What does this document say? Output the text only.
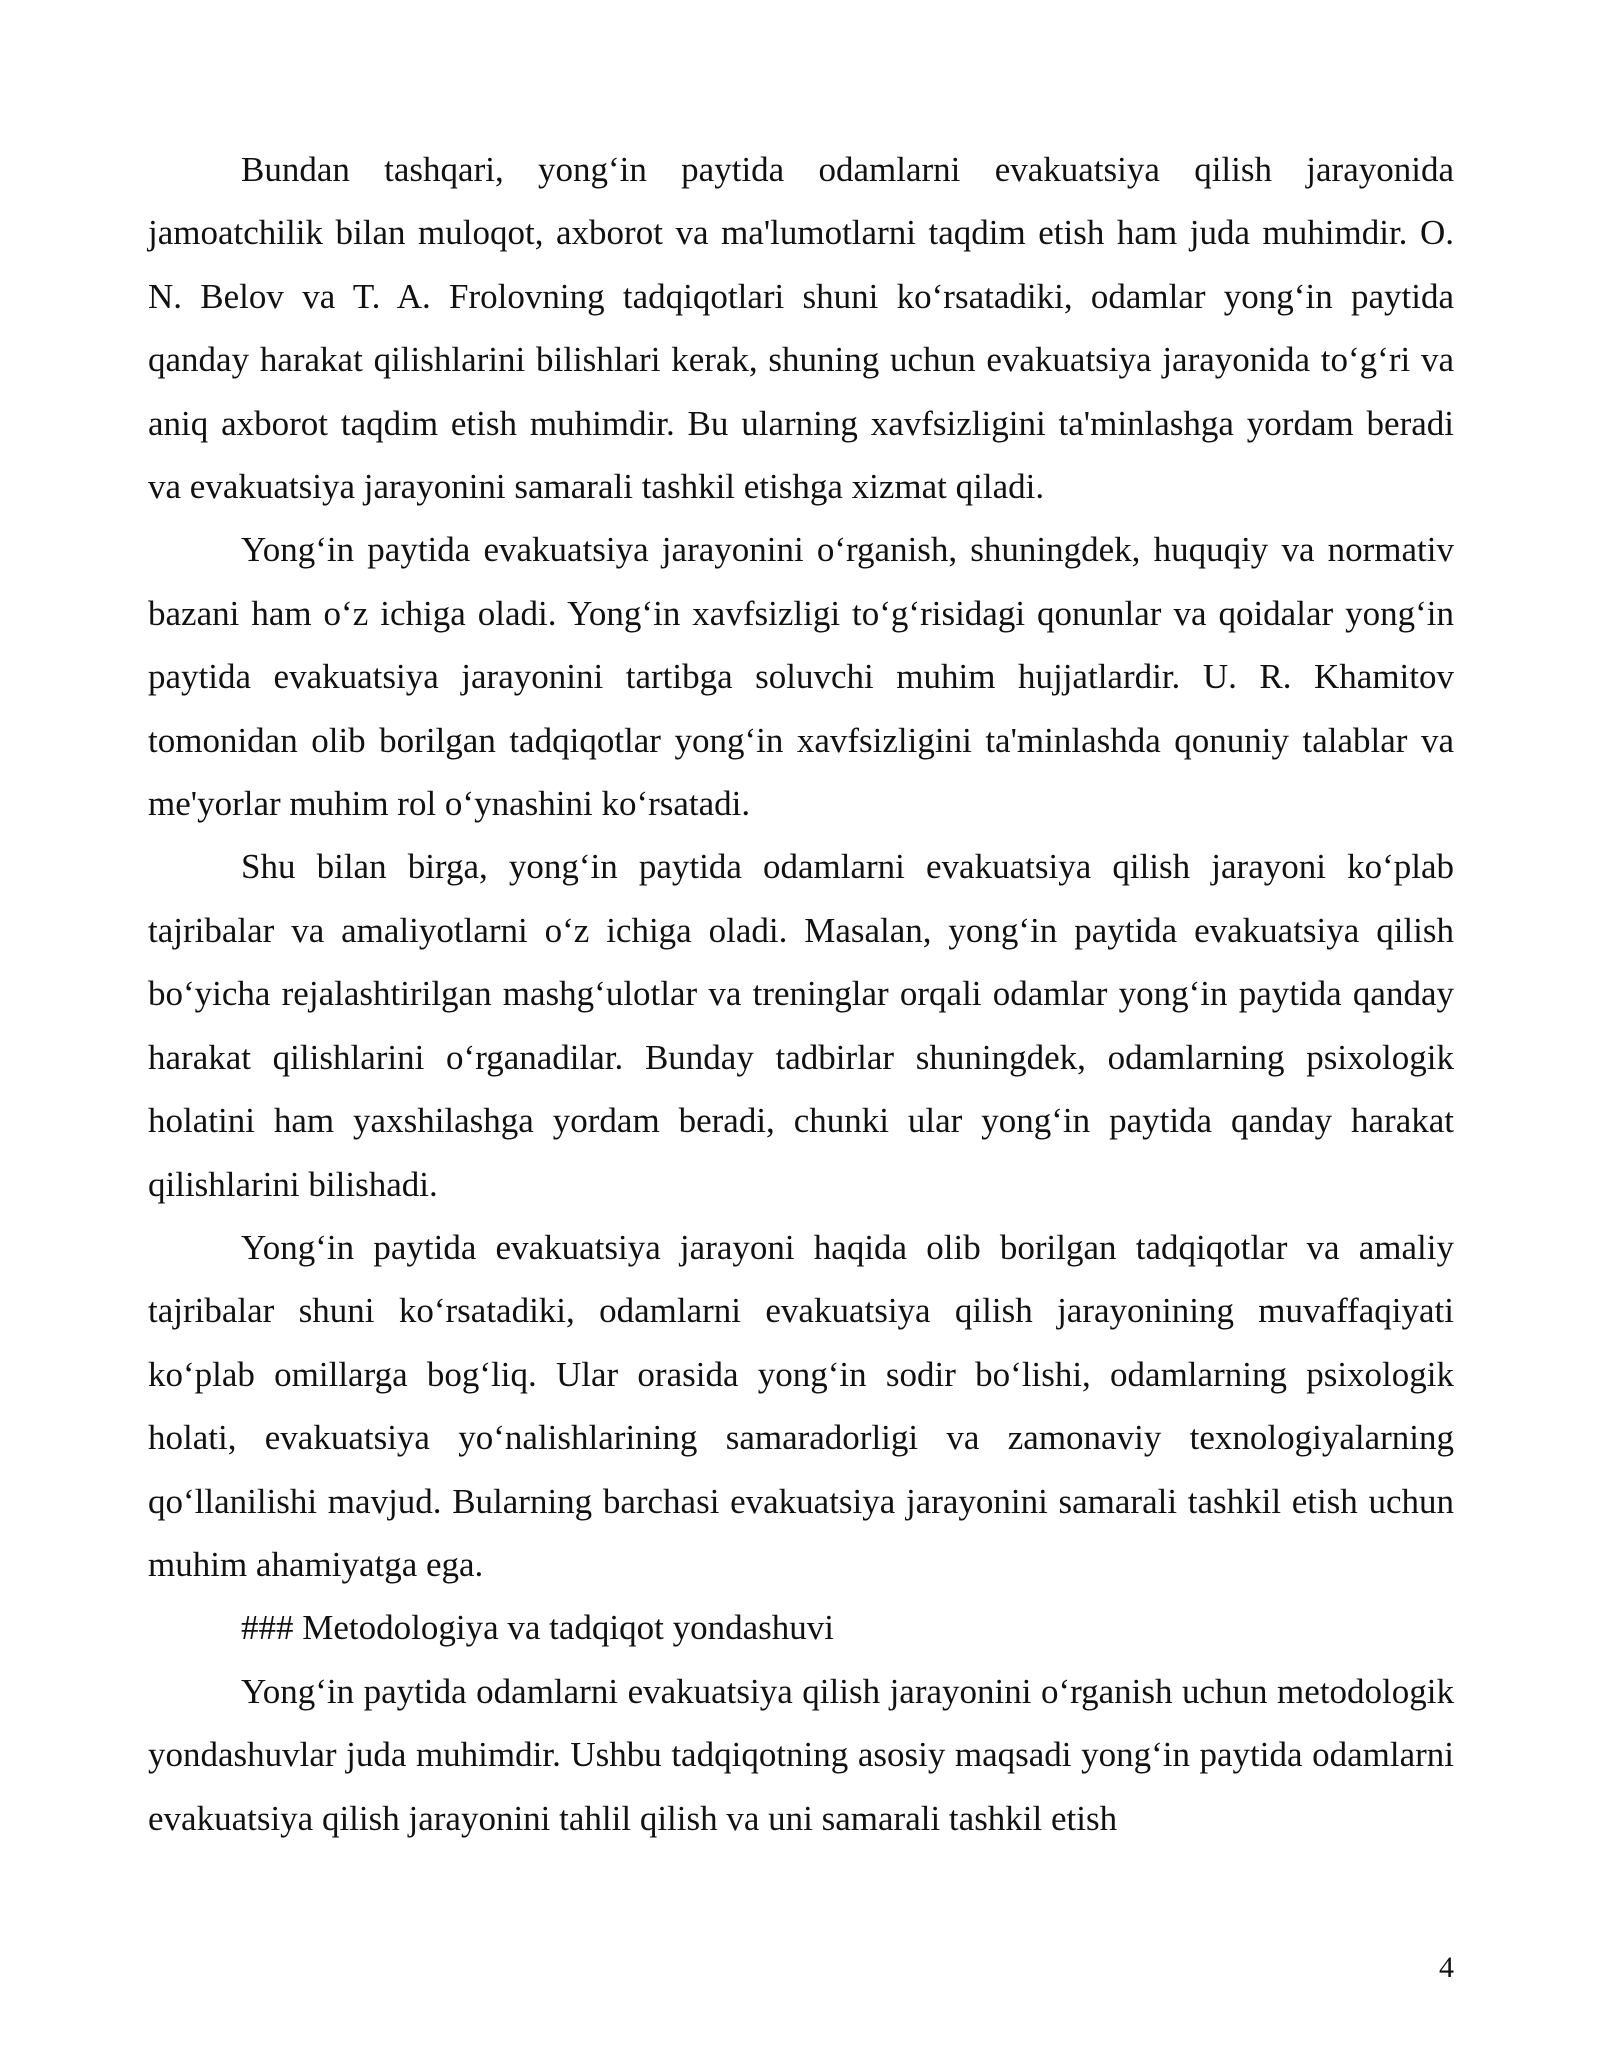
Bundan tashqari, yong‘in paytida odamlarni evakuatsiya qilish jarayonida jamoatchilik bilan muloqot, axborot va ma'lumotlarni taqdim etish ham juda muhimdir. O. N. Belov va T. A. Frolovning tadqiqotlari shuni ko‘rsatadiki, odamlar yong‘in paytida qanday harakat qilishlarini bilishlari kerak, shuning uchun evakuatsiya jarayonida to‘g‘ri va aniq axborot taqdim etish muhimdir. Bu ularning xavfsizligini ta'minlashga yordam beradi va evakuatsiya jarayonini samarali tashkil etishga xizmat qiladi.

Yong‘in paytida evakuatsiya jarayonini o‘rganish, shuningdek, huquqiy va normativ bazani ham o‘z ichiga oladi. Yong‘in xavfsizligi to‘g‘risidagi qonunlar va qoidalar yong‘in paytida evakuatsiya jarayonini tartibga soluvchi muhim hujjatlardir. U. R. Khamitov tomonidan olib borilgan tadqiqotlar yong‘in xavfsizligini ta'minlashda qonuniy talablar va me'yorlar muhim rol o‘ynashini ko‘rsatadi.

Shu bilan birga, yong‘in paytida odamlarni evakuatsiya qilish jarayoni ko‘plab tajribalar va amaliyotlarni o‘z ichiga oladi. Masalan, yong‘in paytida evakuatsiya qilish bo‘yicha rejalashtirilgan mashg‘ulotlar va treninglar orqali odamlar yong‘in paytida qanday harakat qilishlarini o‘rganadilar. Bunday tadbirlar shuningdek, odamlarning psixologik holatini ham yaxshilashga yordam beradi, chunki ular yong‘in paytida qanday harakat qilishlarini bilishadi.

Yong‘in paytida evakuatsiya jarayoni haqida olib borilgan tadqiqotlar va amaliy tajribalar shuni ko‘rsatadiki, odamlarni evakuatsiya qilish jarayonining muvaffaqiyati ko‘plab omillarga bog‘liq. Ular orasida yong‘in sodir bo‘lishi, odamlarning psixologik holati, evakuatsiya yo‘nalishlarining samaradorligi va zamonaviy texnologiyalarning qo‘llanilishi mavjud. Bularning barchasi evakuatsiya jarayonini samarali tashkil etish uchun muhim ahamiyatga ega.

### Metodologiya va tadqiqot yondashuvi

Yong‘in paytida odamlarni evakuatsiya qilish jarayonini o‘rganish uchun metodologik yondashuvlar juda muhimdir. Ushbu tadqiqotning asosiy maqsadi yong‘in paytida odamlarni evakuatsiya qilish jarayonini tahlil qilish va uni samarali tashkil etish

4
